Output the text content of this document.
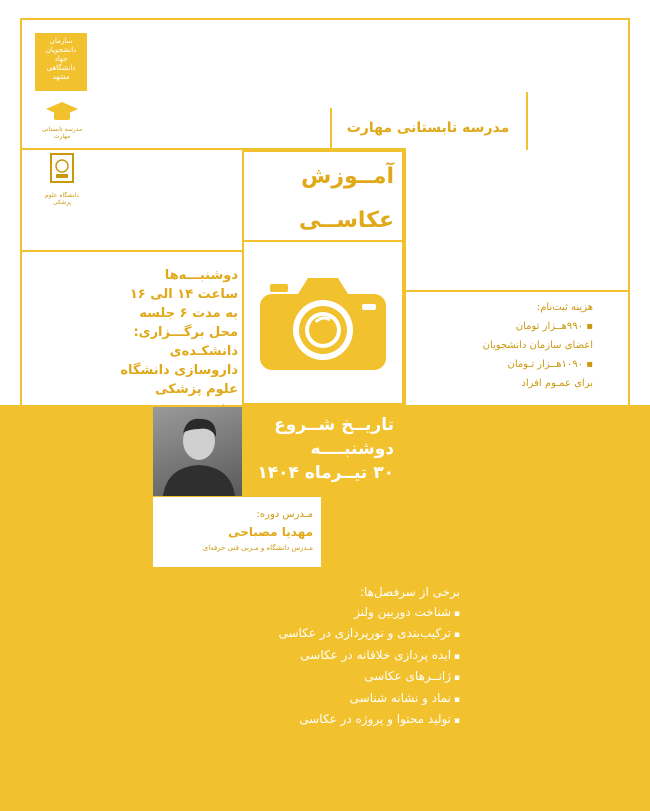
سازمان
دانشجویان
جهاد
دانشگاهی
مشهد
مدرسه تابستانی مهارت
دانشگاه علوم پزشکی
مدرسه تابستانی مهارت
آمــوزش
عکاســی
دوشنبـــه‌ها
ساعت ۱۴ الی ۱۶
به مدت ۶ جلسه
محل برگـــزاری: دانشکـده‌ی
داروسازی دانشگاه علوم پزشکی
هزینه ثبت‌نام:
▪ ۹۹۰هــزار تومان
اعضای سازمان دانشجویان
▪ ۱۰۹۰هــزار تـومان
برای عمـوم افراد
تاریــخ شــروع
دوشنبــــه
۳۰ تیــرماه ۱۴۰۴
مـدرس دوره:
مهدیا مصباحی
مـدرس دانشگاه و مـربی فنی حرفه‌ای
برخی از سرفصل‌ها:
▪ شناخت دوربین ولنز
▪ ترکیب‌بندی و نورپردازی در عکاسی
▪ ایده پردازی خلاقانه در عکاسی
▪ ژانــرهای عکاسی
▪ نماد و نشانه شناسی
▪ تولید محتوا و پروژه در عکاسی
